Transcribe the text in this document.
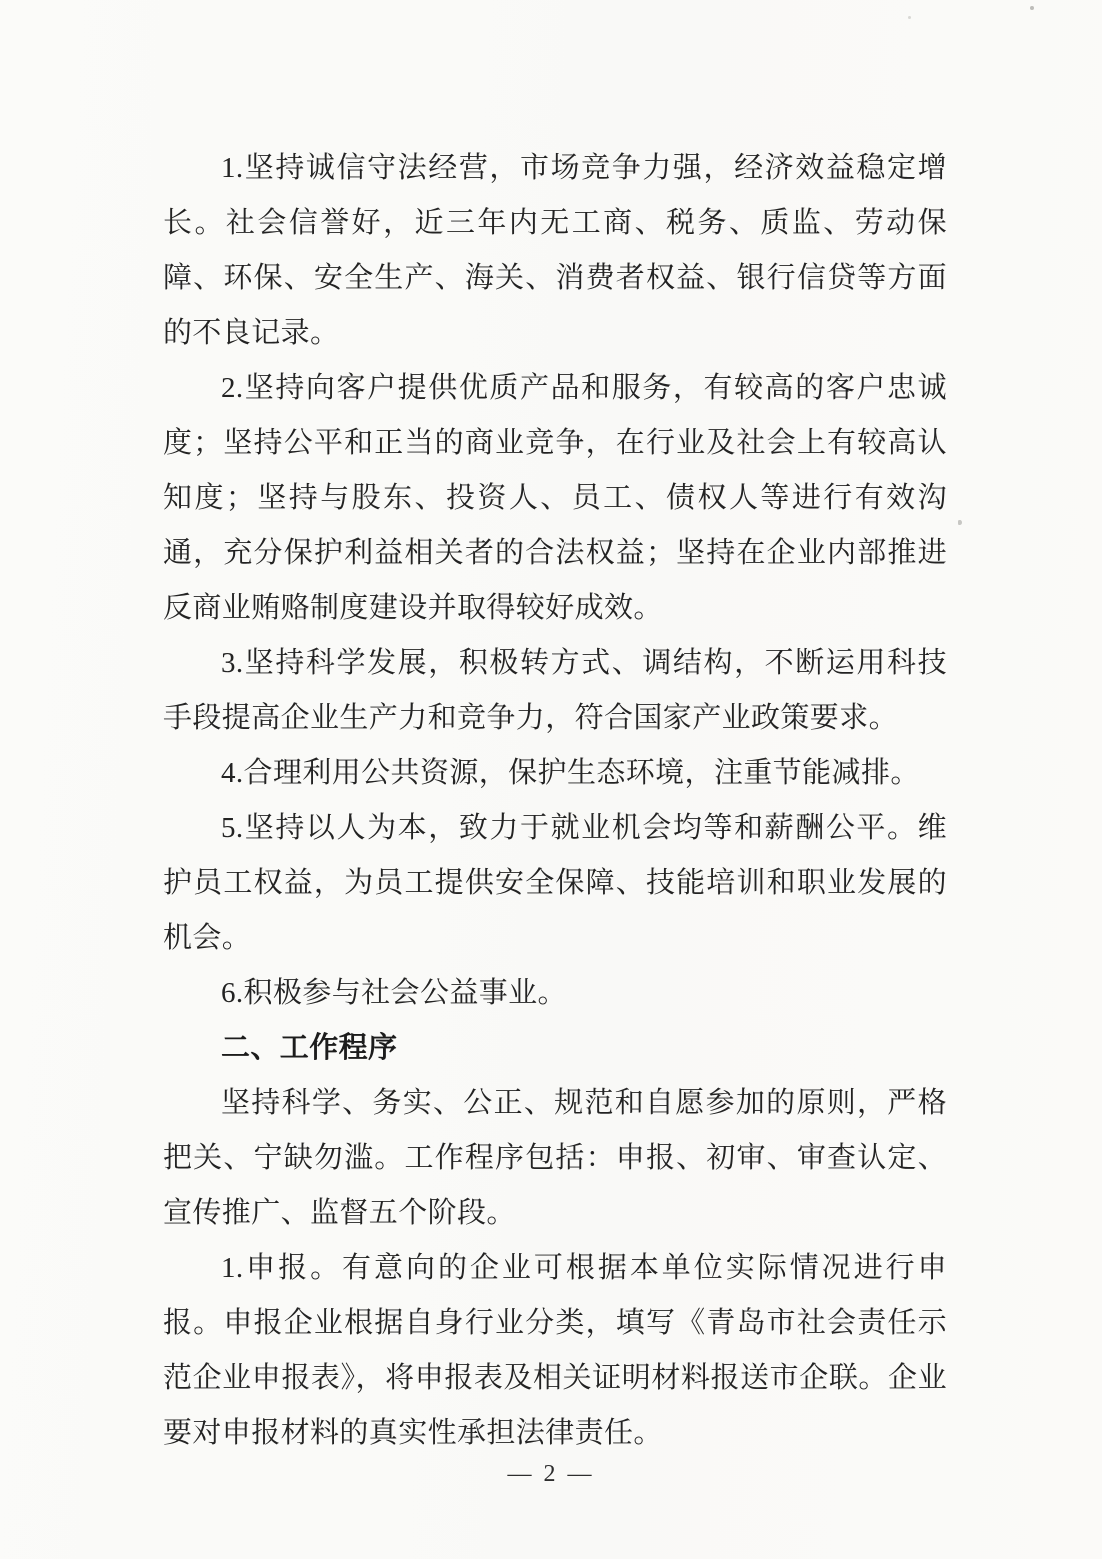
1.坚持诚信守法经营，市场竞争力强，经济效益稳定增长。社会信誉好，近三年内无工商、税务、质监、劳动保障、环保、安全生产、海关、消费者权益、银行信贷等方面的不良记录。

2.坚持向客户提供优质产品和服务，有较高的客户忠诚度；坚持公平和正当的商业竞争，在行业及社会上有较高认知度；坚持与股东、投资人、员工、债权人等进行有效沟通，充分保护利益相关者的合法权益；坚持在企业内部推进反商业贿赂制度建设并取得较好成效。

3.坚持科学发展，积极转方式、调结构，不断运用科技手段提高企业生产力和竞争力，符合国家产业政策要求。

4.合理利用公共资源，保护生态环境，注重节能减排。

5.坚持以人为本，致力于就业机会均等和薪酬公平。维护员工权益，为员工提供安全保障、技能培训和职业发展的机会。

6.积极参与社会公益事业。

二、工作程序

坚持科学、务实、公正、规范和自愿参加的原则，严格把关、宁缺勿滥。工作程序包括：申报、初审、审查认定、宣传推广、监督五个阶段。

1.申报。有意向的企业可根据本单位实际情况进行申报。申报企业根据自身行业分类，填写《青岛市社会责任示范企业申报表》，将申报表及相关证明材料报送市企联。企业要对申报材料的真实性承担法律责任。

— 2 —
